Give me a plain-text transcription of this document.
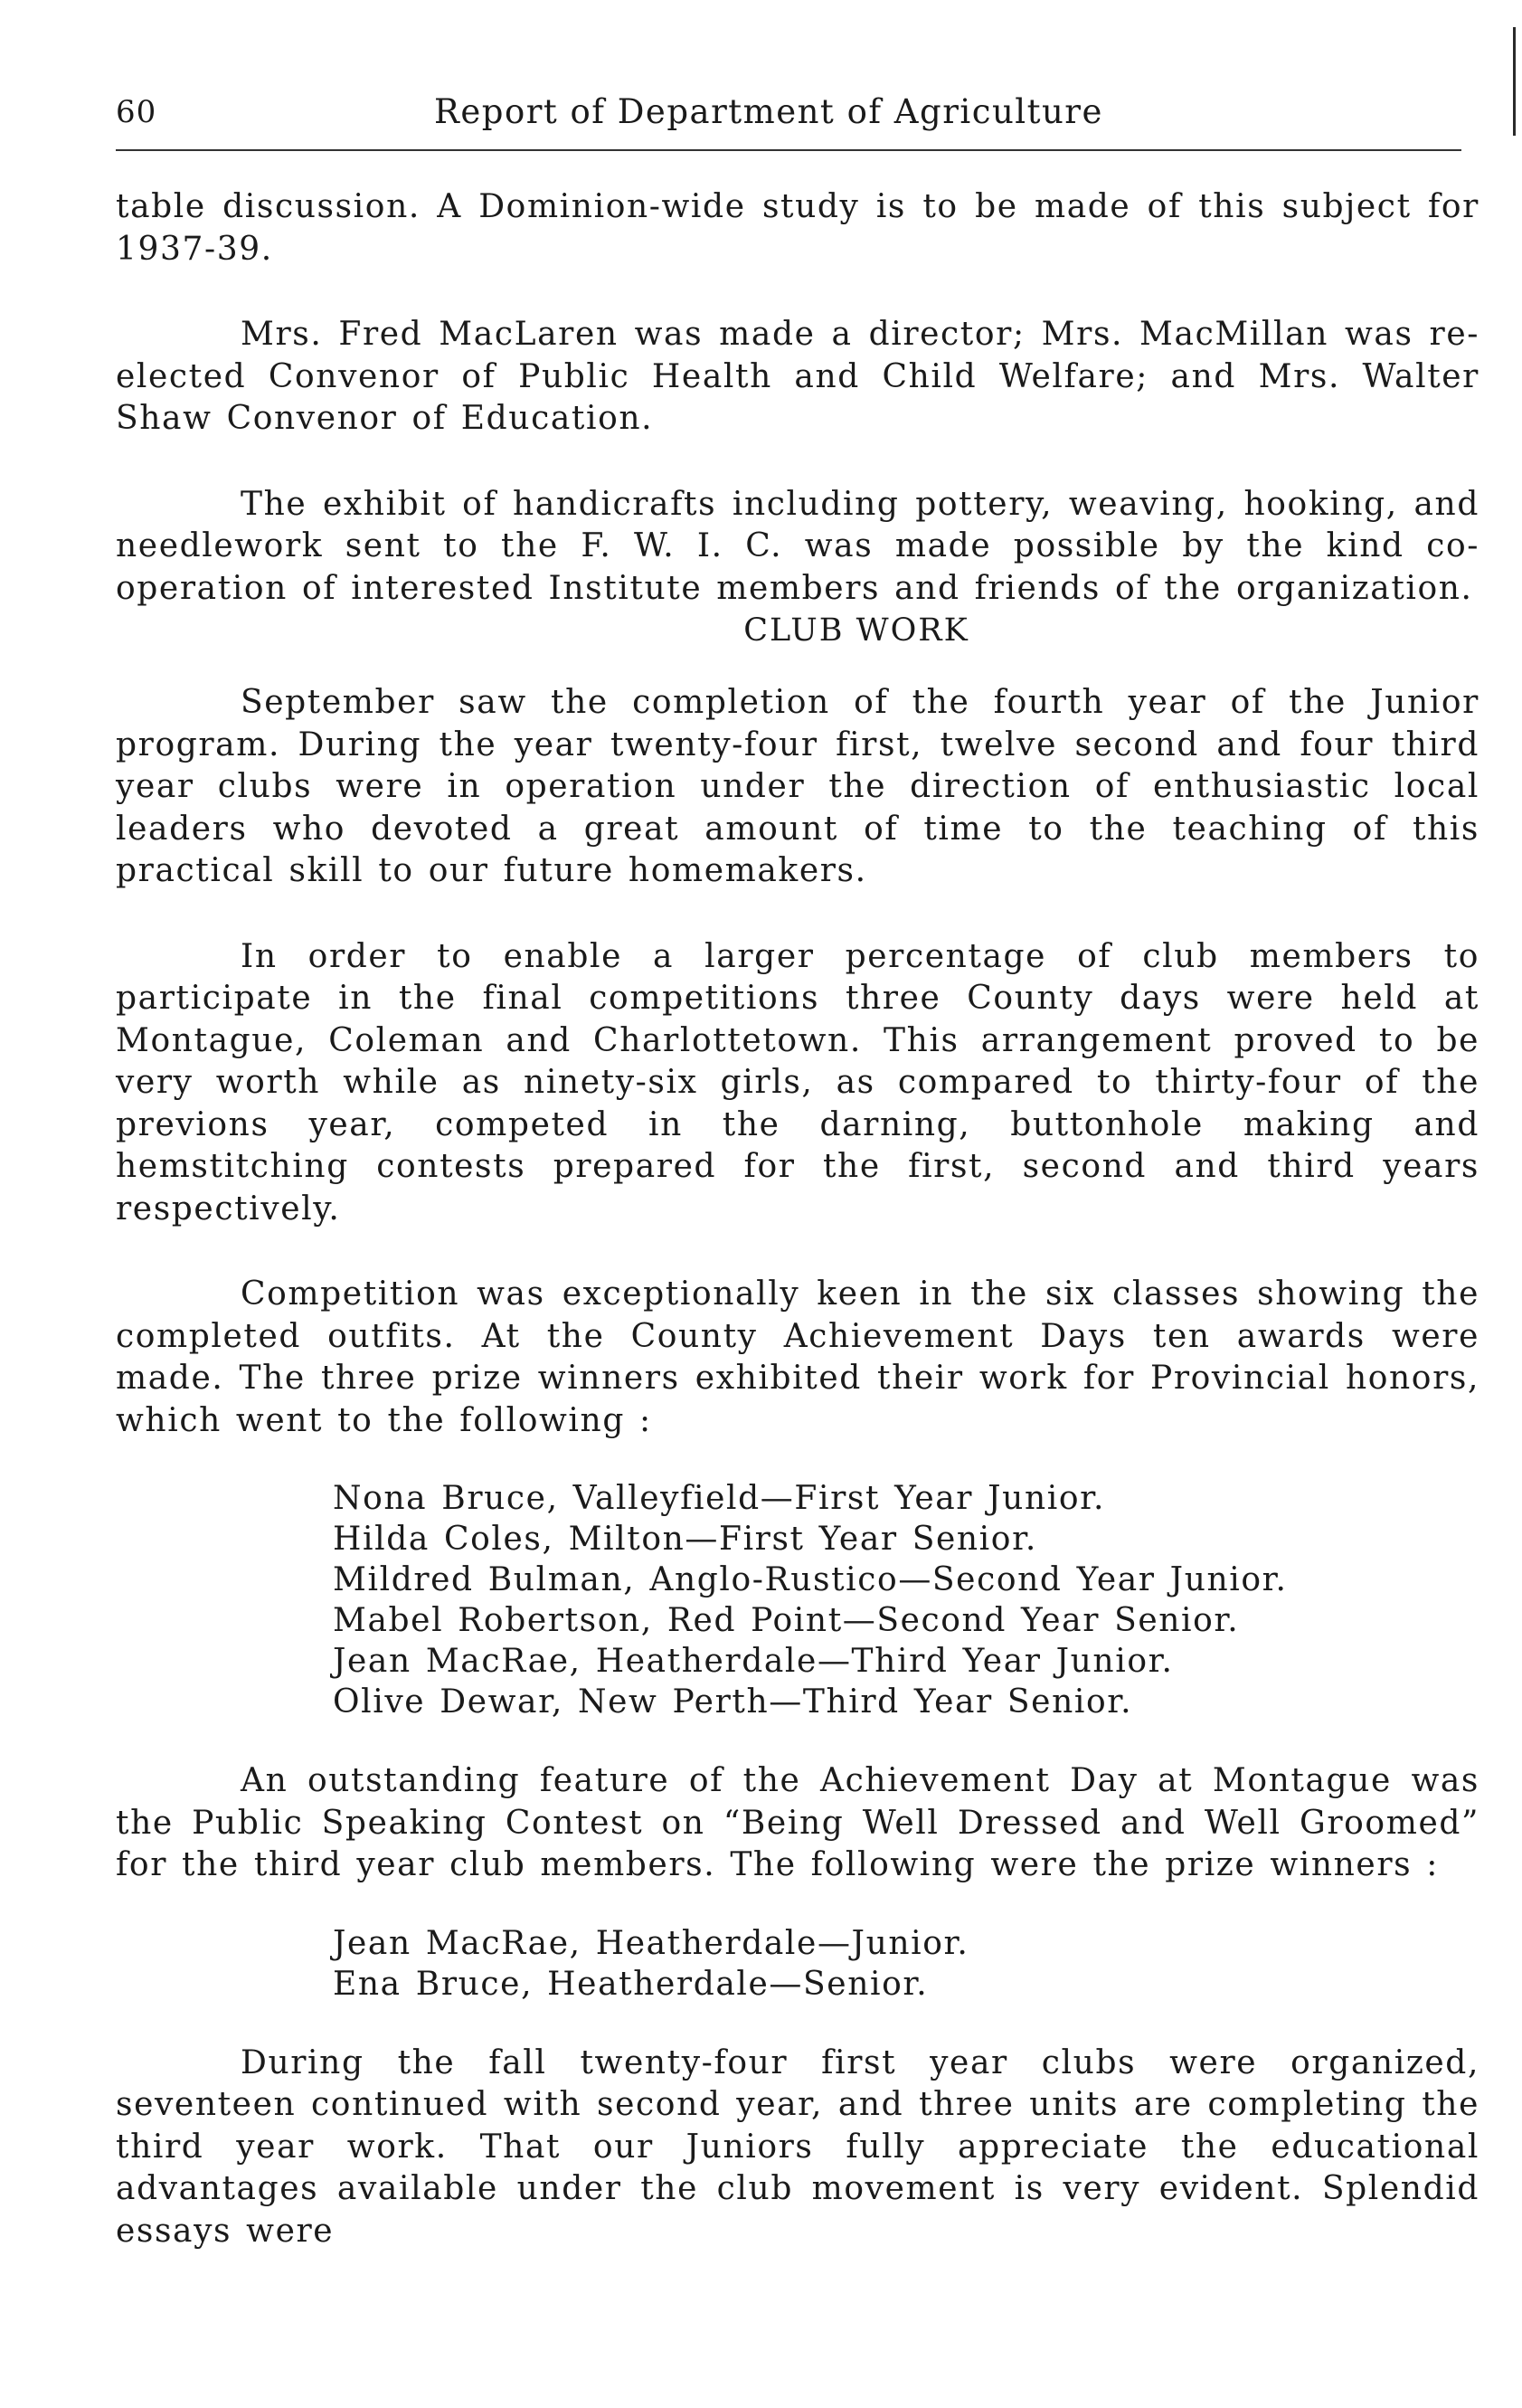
60	Report of Department of Agriculture

table discussion. A Dominion-wide study is to be made of this subject for 1937-39.

Mrs. Fred MacLaren was made a director; Mrs. MacMillan was re-elected Convenor of Public Health and Child Welfare; and Mrs. Walter Shaw Convenor of Education.

The exhibit of handicrafts including pottery, weaving, hooking, and needlework sent to the F. W. I. C. was made possible by the kind co-operation of interested Institute members and friends of the organization.

CLUB WORK

September saw the completion of the fourth year of the Junior program. During the year twenty-four first, twelve second and four third year clubs were in operation under the direction of enthusiastic local leaders who devoted a great amount of time to the teaching of this practical skill to our future homemakers.

In order to enable a larger percentage of club members to participate in the final competitions three County days were held at Montague, Coleman and Charlottetown. This arrangement proved to be very worth while as ninety-six girls, as compared to thirty-four of the previons year, competed in the darning, buttonhole making and hemstitching contests prepared for the first, second and third years respectively.

Competition was exceptionally keen in the six classes showing the completed outfits. At the County Achievement Days ten awards were made. The three prize winners exhibited their work for Provincial honors, which went to the following :

Nona Bruce, Valleyfield—First Year Junior.
Hilda Coles, Milton—First Year Senior.
Mildred Bulman, Anglo-Rustico—Second Year Junior.
Mabel Robertson, Red Point—Second Year Senior.
Jean MacRae, Heatherdale—Third Year Junior.
Olive Dewar, New Perth—Third Year Senior.

An outstanding feature of the Achievement Day at Montague was the Public Speaking Contest on “Being Well Dressed and Well Groomed” for the third year club members. The following were the prize winners :

Jean MacRae, Heatherdale—Junior.
Ena Bruce, Heatherdale—Senior.

During the fall twenty-four first year clubs were organized, seventeen continued with second year, and three units are completing the third year work. That our Juniors fully appreciate the educational advantages available under the club movement is very evident. Splendid essays were
